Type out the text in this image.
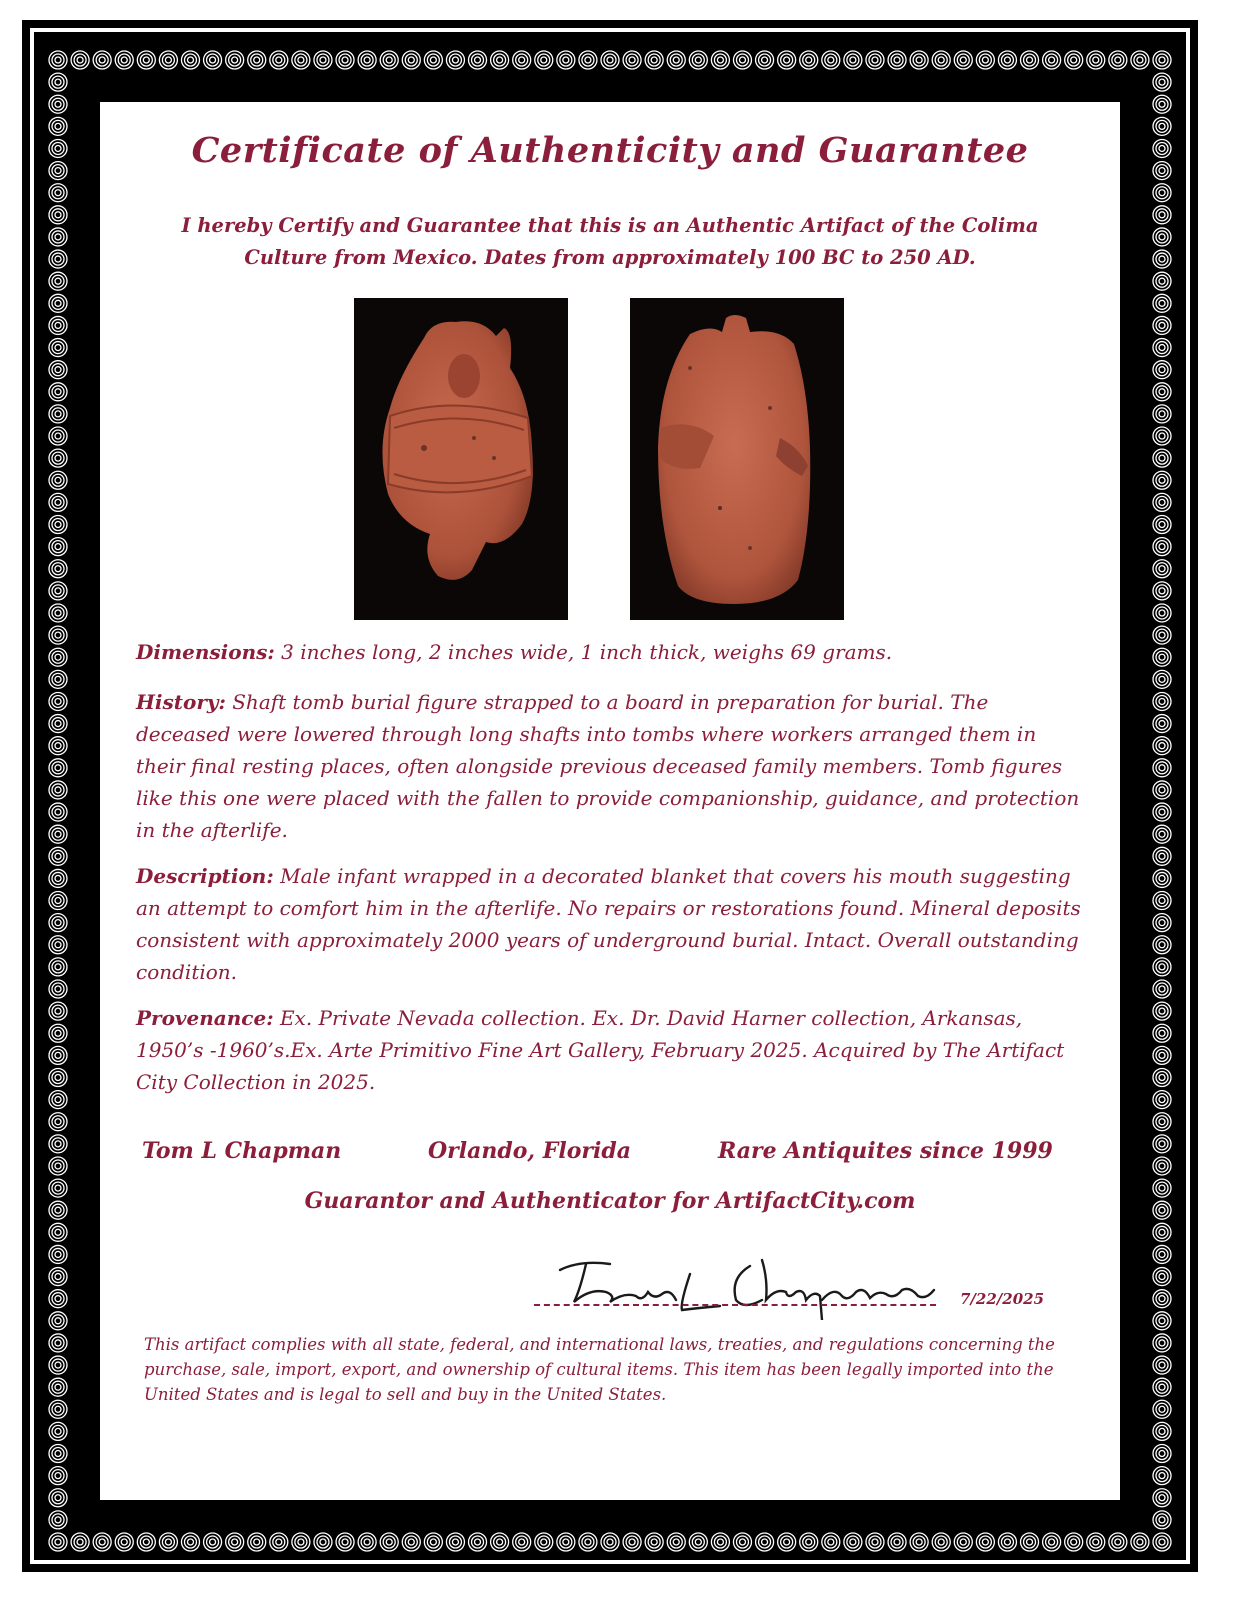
Certificate of Authenticity and Guarantee
I hereby Certify and Guarantee that this is an Authentic Artifact of the Colima
Culture from Mexico. Dates from approximately 100 BC to 250 AD.
Dimensions: 3 inches long, 2 inches wide, 1 inch thick, weighs 69 grams.
History: Shaft tomb burial figure strapped to a board in preparation for burial. The deceased were lowered through long shafts into tombs where workers arranged them in their final resting places, often alongside previous deceased family members. Tomb figures like this one were placed with the fallen to provide companionship, guidance, and protection in the afterlife.
Description: Male infant wrapped in a decorated blanket that covers his mouth suggesting an attempt to comfort him in the afterlife. No repairs or restorations found. Mineral deposits consistent with approximately 2000 years of underground burial. Intact. Overall outstanding condition.
Provenance: Ex. Private Nevada collection. Ex. Dr. David Harner collection, Arkansas, 1950’s -1960’s.Ex. Arte Primitivo Fine Art Gallery, February 2025. Acquired by The Artifact City Collection in 2025.
Tom L Chapman	Orlando, Florida	Rare Antiquites since 1999
Guarantor and Authenticator for ArtifactCity.com
7/22/2025
This artifact complies with all state, federal, and international laws, treaties, and regulations concerning the purchase, sale, import, export, and ownership of cultural items. This item has been legally imported into the United States and is legal to sell and buy in the United States.
